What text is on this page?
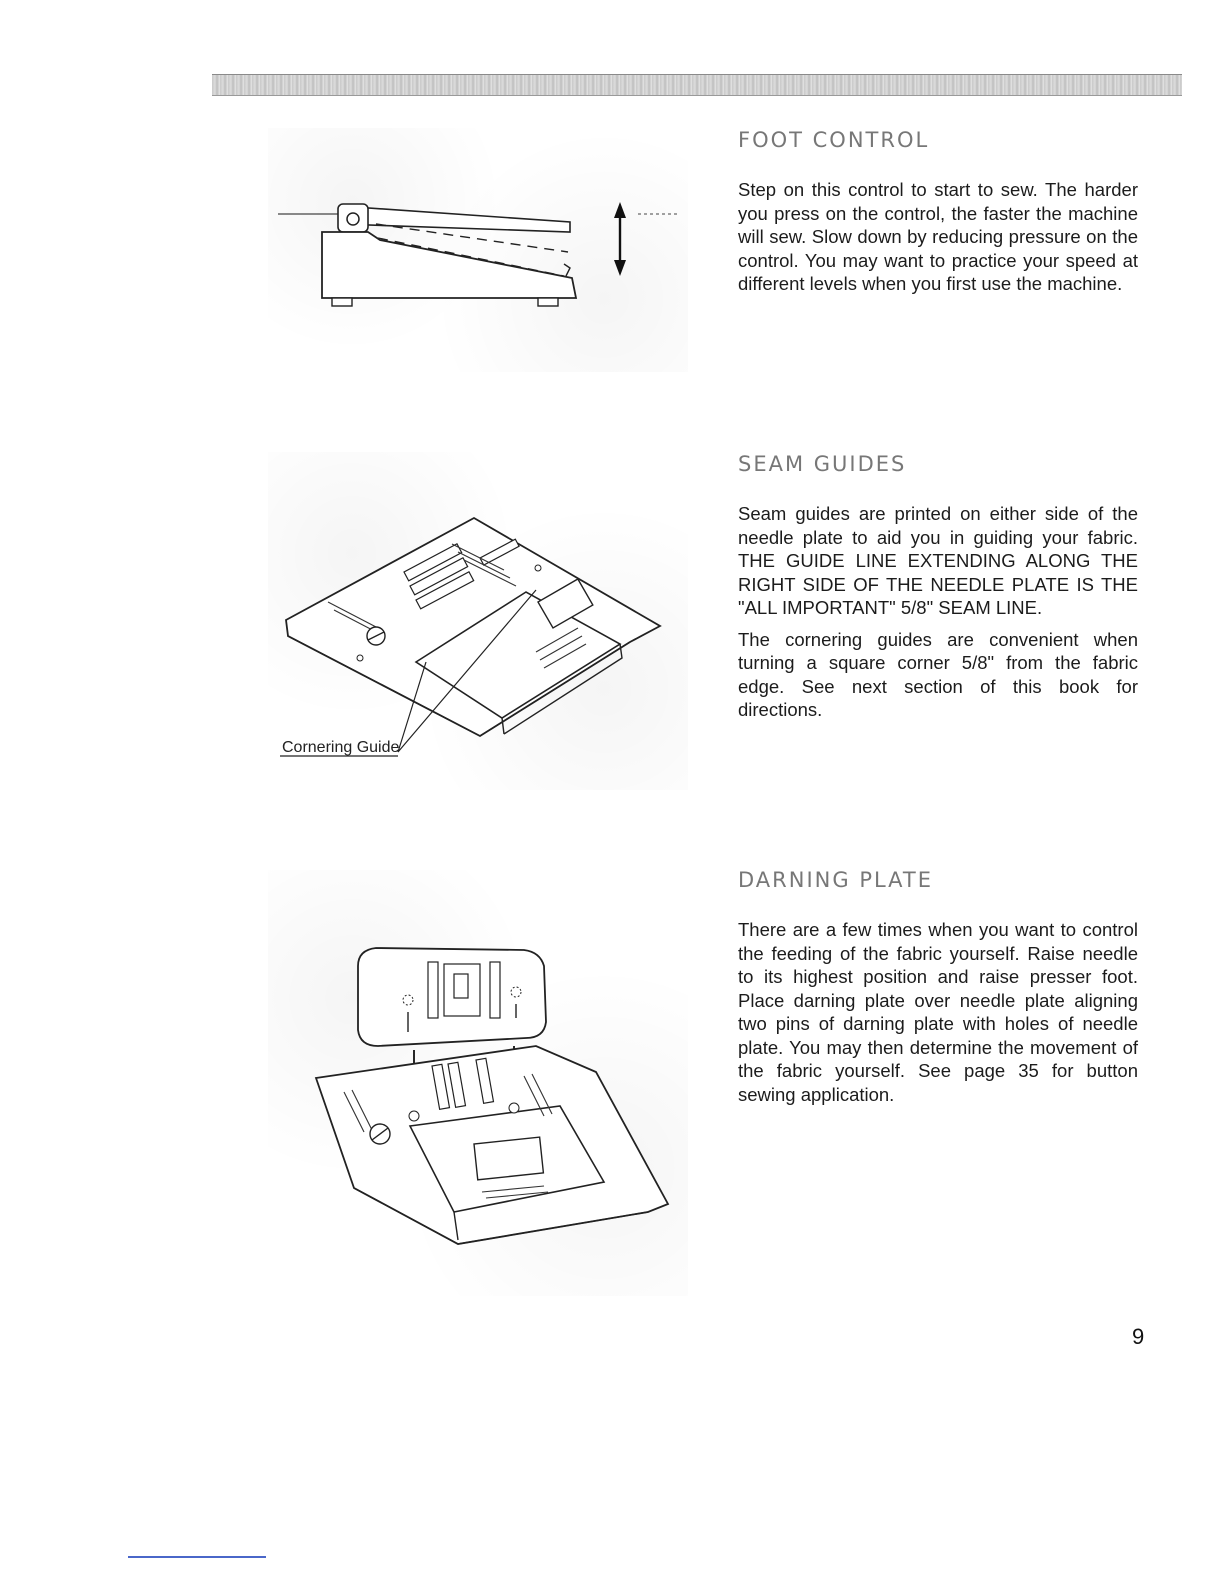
FOOT CONTROL

Step on this control to start to sew. The harder you press on the control, the faster the machine will sew. Slow down by reducing pressure on the control. You may want to practice your speed at different levels when you first use the machine.

Cornering Guide
SEAM GUIDES

Seam guides are printed on either side of the needle plate to aid you in guiding your fabric. THE GUIDE LINE EXTENDING ALONG THE RIGHT SIDE OF THE NEEDLE PLATE IS THE "ALL IMPORTANT" 5/8" SEAM LINE.

The cornering guides are convenient when turning a square corner 5/8" from the fabric edge. See next section of this book for directions.

DARNING PLATE

There are a few times when you want to control the feeding of the fabric yourself. Raise needle to its highest position and raise presser foot. Place darning plate over needle plate aligning two pins of darning plate with holes of needle plate. You may then determine the movement of the fabric yourself. See page 35 for button sewing application.

9
